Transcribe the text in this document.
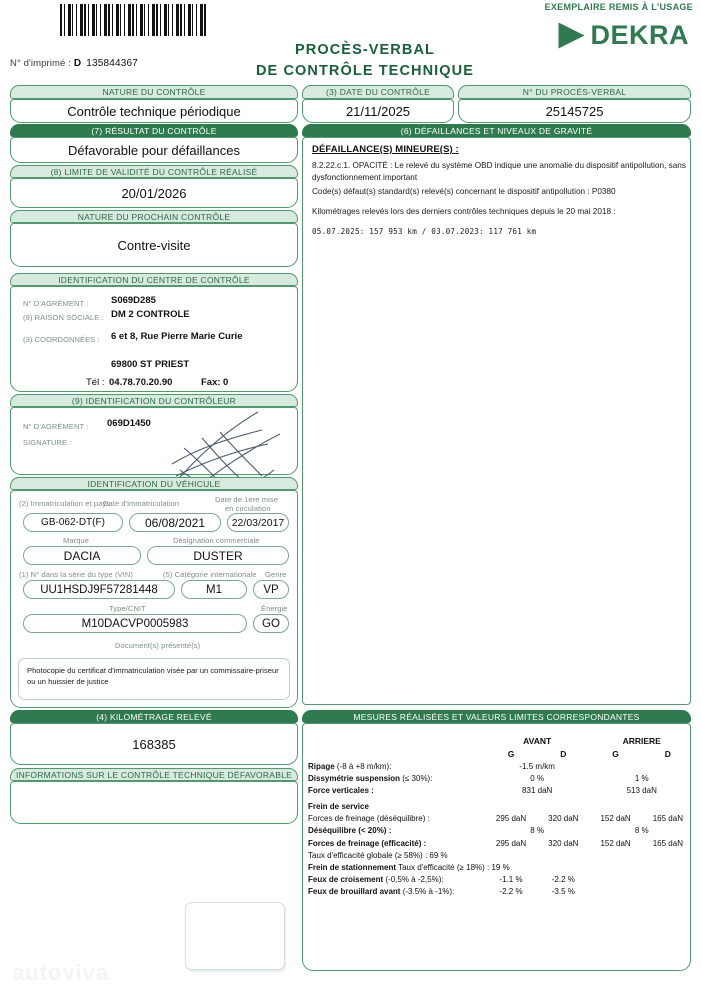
N° d'imprimé : D 135844367
EXEMPLAIRE REMIS À L'USAGE
DEKRA
PROCÈS-VERBAL
DE CONTRÔLE TECHNIQUE
NATURE DU CONTRÔLE
Contrôle technique périodique
(3) DATE DU CONTRÔLE
21/11/2025
N° DU PROCÈS-VERBAL
25145725
(7) RÉSULTAT DU CONTRÔLE
Défavorable pour défaillances
(8) LIMITE DE VALIDITÉ DU CONTRÔLE RÉALISÉ
20/01/2026
NATURE DU PROCHAIN CONTRÔLE
Contre-visite
IDENTIFICATION DU CENTRE DE CONTRÔLE
N° D'AGRÉMENT : S069D285
(9) RAISON SOCIALE : DM 2 CONTROLE
(3) COORDONNÉES : 6 et 8, Rue Pierre Marie Curie
69800 ST PRIEST
Tél : 04.78.70.20.90	Fax: 0
(9) IDENTIFICATION DU CONTRÔLEUR
N° D'AGRÉMENT : 069D1450
SIGNATURE :
IDENTIFICATION DU VÉHICULE
(2) Immatriculation et pays
Date d'immatriculation	Date de 1ere mise
en circulation
GB-062-DT(F)	06/08/2021	22/03/2017
Marque	Désignation commerciale
DACIA	DUSTER
(1) N° dans la série du type (VIN)	(5) Catégorie internationale Genre
UU1HSDJ9F57281448	M1	VP
Type/CNIT	Énergie
M10DACVP0005983	GO
Document(s) présenté(s)
Photocopie du certificat d'immatriculation visée par un commissaire-priseur ou un huissier de justice
(4) KILOMÉTRAGE RELEVÉ
168385
INFORMATIONS SUR LE CONTRÔLE TECHNIQUE DÉFAVORABLE
(6) DÉFAILLANCES ET NIVEAUX DE GRAVITÉ
DÉFAILLANCE(S) MINEURE(S) :

8.2.22.c.1. OPACITÉ : Le relevé du système OBD indique une anomalie du dispositif antipollution, sans dysfonctionnement important

Code(s) défaut(s) standard(s) relevé(s) concernant le dispositif antipollution : P0380

Kilométrages relevés lors des derniers contrôles techniques depuis le 20 mai 2018 :

05.07.2025: 157 953 km / 03.07.2023: 117 761 km

MESURES RÉALISÉES ET VALEURS LIMITES CORRESPONDANTES
	AVANT		ARRIERE	
	G	D	G	D
Ripage (-8 à +8 m/km):	-1.5 m/km			
Dissymétrie suspension (≤ 30%):	0 %		1 %	
Force verticales :	831 daN		513 daN	
Frein de service				
Forces de freinage (déséquilibre) :	295 daN	320 daN	152 daN	165 daN
Déséquilibre (< 20%) :	8 %		8 %	
Forces de freinage (efficacité) :	295 daN	320 daN	152 daN	165 daN
Taux d'efficacité globale (≥ 58%) : 69 %				
Frein de stationnement Taux d'efficacité (≥ 18%) : 19 %				
Feux de croisement (-0,5% à -2,5%):	-1.1 %	-2.2 %		
Feux de brouillard avant (-3.5% à -1%):	-2.2 %	-3.5 %		
autoviva
